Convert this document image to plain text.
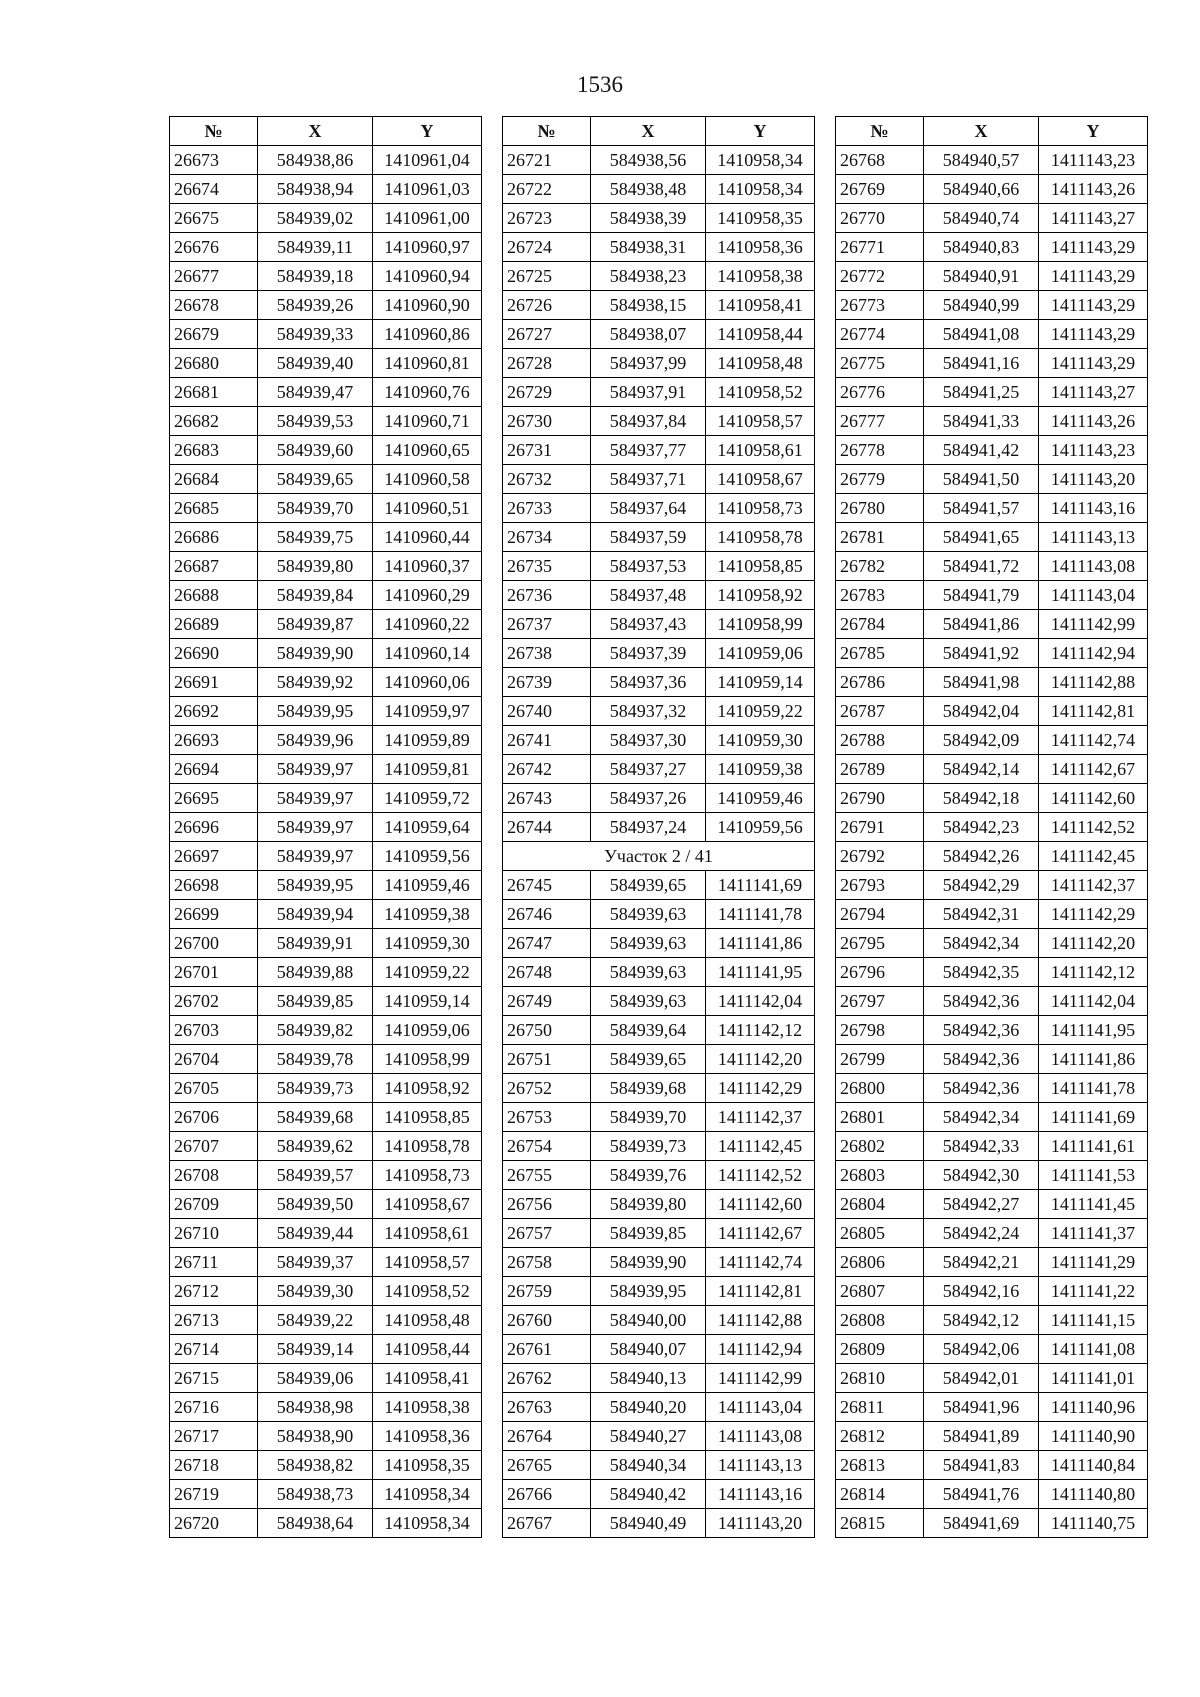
1536
№	X	Y
26673	584938,86	1410961,04
26674	584938,94	1410961,03
26675	584939,02	1410961,00
26676	584939,11	1410960,97
26677	584939,18	1410960,94
26678	584939,26	1410960,90
26679	584939,33	1410960,86
26680	584939,40	1410960,81
26681	584939,47	1410960,76
26682	584939,53	1410960,71
26683	584939,60	1410960,65
26684	584939,65	1410960,58
26685	584939,70	1410960,51
26686	584939,75	1410960,44
26687	584939,80	1410960,37
26688	584939,84	1410960,29
26689	584939,87	1410960,22
26690	584939,90	1410960,14
26691	584939,92	1410960,06
26692	584939,95	1410959,97
26693	584939,96	1410959,89
26694	584939,97	1410959,81
26695	584939,97	1410959,72
26696	584939,97	1410959,64
26697	584939,97	1410959,56
26698	584939,95	1410959,46
26699	584939,94	1410959,38
26700	584939,91	1410959,30
26701	584939,88	1410959,22
26702	584939,85	1410959,14
26703	584939,82	1410959,06
26704	584939,78	1410958,99
26705	584939,73	1410958,92
26706	584939,68	1410958,85
26707	584939,62	1410958,78
26708	584939,57	1410958,73
26709	584939,50	1410958,67
26710	584939,44	1410958,61
26711	584939,37	1410958,57
26712	584939,30	1410958,52
26713	584939,22	1410958,48
26714	584939,14	1410958,44
26715	584939,06	1410958,41
26716	584938,98	1410958,38
26717	584938,90	1410958,36
26718	584938,82	1410958,35
26719	584938,73	1410958,34
26720	584938,64	1410958,34
№	X	Y
26721	584938,56	1410958,34
26722	584938,48	1410958,34
26723	584938,39	1410958,35
26724	584938,31	1410958,36
26725	584938,23	1410958,38
26726	584938,15	1410958,41
26727	584938,07	1410958,44
26728	584937,99	1410958,48
26729	584937,91	1410958,52
26730	584937,84	1410958,57
26731	584937,77	1410958,61
26732	584937,71	1410958,67
26733	584937,64	1410958,73
26734	584937,59	1410958,78
26735	584937,53	1410958,85
26736	584937,48	1410958,92
26737	584937,43	1410958,99
26738	584937,39	1410959,06
26739	584937,36	1410959,14
26740	584937,32	1410959,22
26741	584937,30	1410959,30
26742	584937,27	1410959,38
26743	584937,26	1410959,46
26744	584937,24	1410959,56
Участок 2 / 41		
26745	584939,65	1411141,69
26746	584939,63	1411141,78
26747	584939,63	1411141,86
26748	584939,63	1411141,95
26749	584939,63	1411142,04
26750	584939,64	1411142,12
26751	584939,65	1411142,20
26752	584939,68	1411142,29
26753	584939,70	1411142,37
26754	584939,73	1411142,45
26755	584939,76	1411142,52
26756	584939,80	1411142,60
26757	584939,85	1411142,67
26758	584939,90	1411142,74
26759	584939,95	1411142,81
26760	584940,00	1411142,88
26761	584940,07	1411142,94
26762	584940,13	1411142,99
26763	584940,20	1411143,04
26764	584940,27	1411143,08
26765	584940,34	1411143,13
26766	584940,42	1411143,16
26767	584940,49	1411143,20
№	X	Y
26768	584940,57	1411143,23
26769	584940,66	1411143,26
26770	584940,74	1411143,27
26771	584940,83	1411143,29
26772	584940,91	1411143,29
26773	584940,99	1411143,29
26774	584941,08	1411143,29
26775	584941,16	1411143,29
26776	584941,25	1411143,27
26777	584941,33	1411143,26
26778	584941,42	1411143,23
26779	584941,50	1411143,20
26780	584941,57	1411143,16
26781	584941,65	1411143,13
26782	584941,72	1411143,08
26783	584941,79	1411143,04
26784	584941,86	1411142,99
26785	584941,92	1411142,94
26786	584941,98	1411142,88
26787	584942,04	1411142,81
26788	584942,09	1411142,74
26789	584942,14	1411142,67
26790	584942,18	1411142,60
26791	584942,23	1411142,52
26792	584942,26	1411142,45
26793	584942,29	1411142,37
26794	584942,31	1411142,29
26795	584942,34	1411142,20
26796	584942,35	1411142,12
26797	584942,36	1411142,04
26798	584942,36	1411141,95
26799	584942,36	1411141,86
26800	584942,36	1411141,78
26801	584942,34	1411141,69
26802	584942,33	1411141,61
26803	584942,30	1411141,53
26804	584942,27	1411141,45
26805	584942,24	1411141,37
26806	584942,21	1411141,29
26807	584942,16	1411141,22
26808	584942,12	1411141,15
26809	584942,06	1411141,08
26810	584942,01	1411141,01
26811	584941,96	1411140,96
26812	584941,89	1411140,90
26813	584941,83	1411140,84
26814	584941,76	1411140,80
26815	584941,69	1411140,75
